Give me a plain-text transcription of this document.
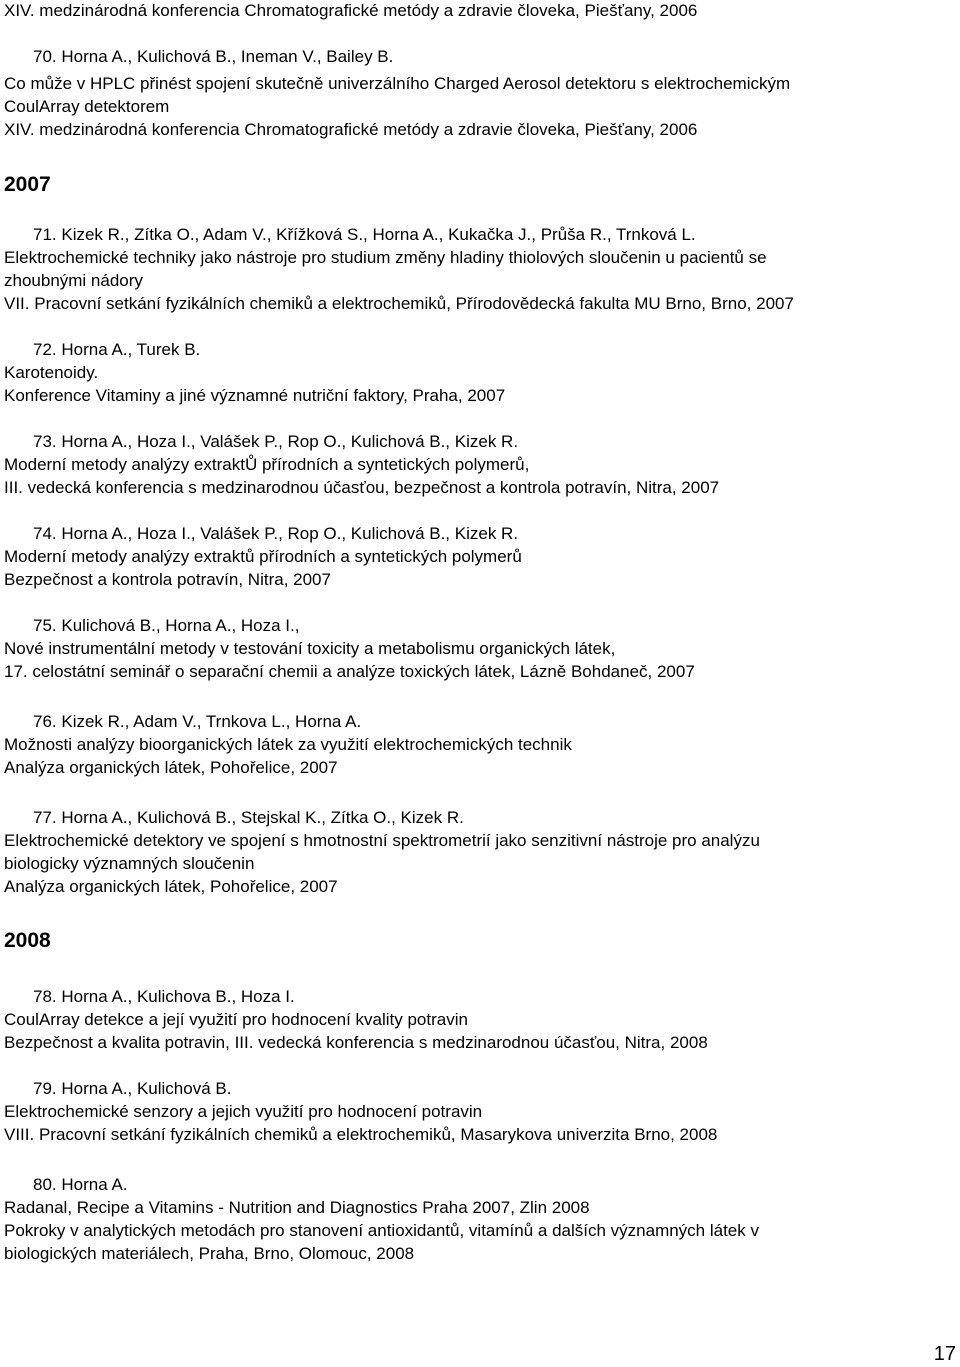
XIV. medzinárodná konferencia Chromatografické metódy a zdravie človeka, Piešťany, 2006
70. Horna A., Kulichová B., Ineman V., Bailey B.
Co může v HPLC přinést spojení skutečně univerzálního Charged Aerosol detektoru s elektrochemickým
CoulArray detektorem
XIV. medzinárodná konferencia Chromatografické metódy a zdravie človeka, Piešťany, 2006
2007
71. Kizek R., Zítka O., Adam V., Křížková S., Horna A., Kukačka J., Průša R., Trnková L.
Elektrochemické techniky jako nástroje pro studium změny hladiny thiolových sloučenin u pacientů se
zhoubnými nádory
VII. Pracovní setkání fyzikálních chemiků a elektrochemiků, Přírodovědecká fakulta MU Brno, Brno, 2007
72. Horna A., Turek B.
Karotenoidy.
Konference Vitaminy a jiné významné nutriční faktory, Praha, 2007
73. Horna A., Hoza I., Valášek P., Rop O., Kulichová B., Kizek R.
Moderní metody analýzy extraktŮ přírodních a syntetických polymerů,
III. vedecká konferencia s medzinarodnou účasťou, bezpečnost a kontrola potravín, Nitra, 2007
74. Horna A., Hoza I., Valášek P., Rop O., Kulichová B., Kizek R.
Moderní metody analýzy extraktů přírodních a syntetických polymerů
Bezpečnost a kontrola potravín, Nitra, 2007
75. Kulichová B., Horna A., Hoza I.,
Nové instrumentální metody v testování toxicity a metabolismu organických látek,
17. celostátní seminář o separační chemii a analýze toxických látek, Lázně Bohdaneč, 2007
76. Kizek R., Adam V., Trnkova L., Horna A.
Možnosti analýzy bioorganických látek za využití elektrochemických technik
Analýza organických látek, Pohořelice, 2007
77. Horna A., Kulichová B., Stejskal K., Zítka O., Kizek R.
Elektrochemické detektory ve spojení s hmotnostní spektrometrií jako senzitivní nástroje pro analýzu
biologicky významných sloučenin
Analýza organických látek, Pohořelice, 2007
2008
78. Horna A., Kulichova B., Hoza I.
CoulArray detekce a její využití pro hodnocení kvality potravin
Bezpečnost a kvalita potravin, III. vedecká konferencia s medzinarodnou účasťou, Nitra, 2008
79. Horna A., Kulichová B.
Elektrochemické senzory a jejich využití pro hodnocení potravin
VIII. Pracovní setkání fyzikálních chemiků a elektrochemiků, Masarykova univerzita Brno, 2008
80. Horna A.
Radanal, Recipe a Vitamins - Nutrition and Diagnostics Praha 2007, Zlin 2008
Pokroky v analytických metodách pro stanovení antioxidantů, vitamínů a dalších významných látek v
biologických materiálech, Praha, Brno, Olomouc, 2008
17
